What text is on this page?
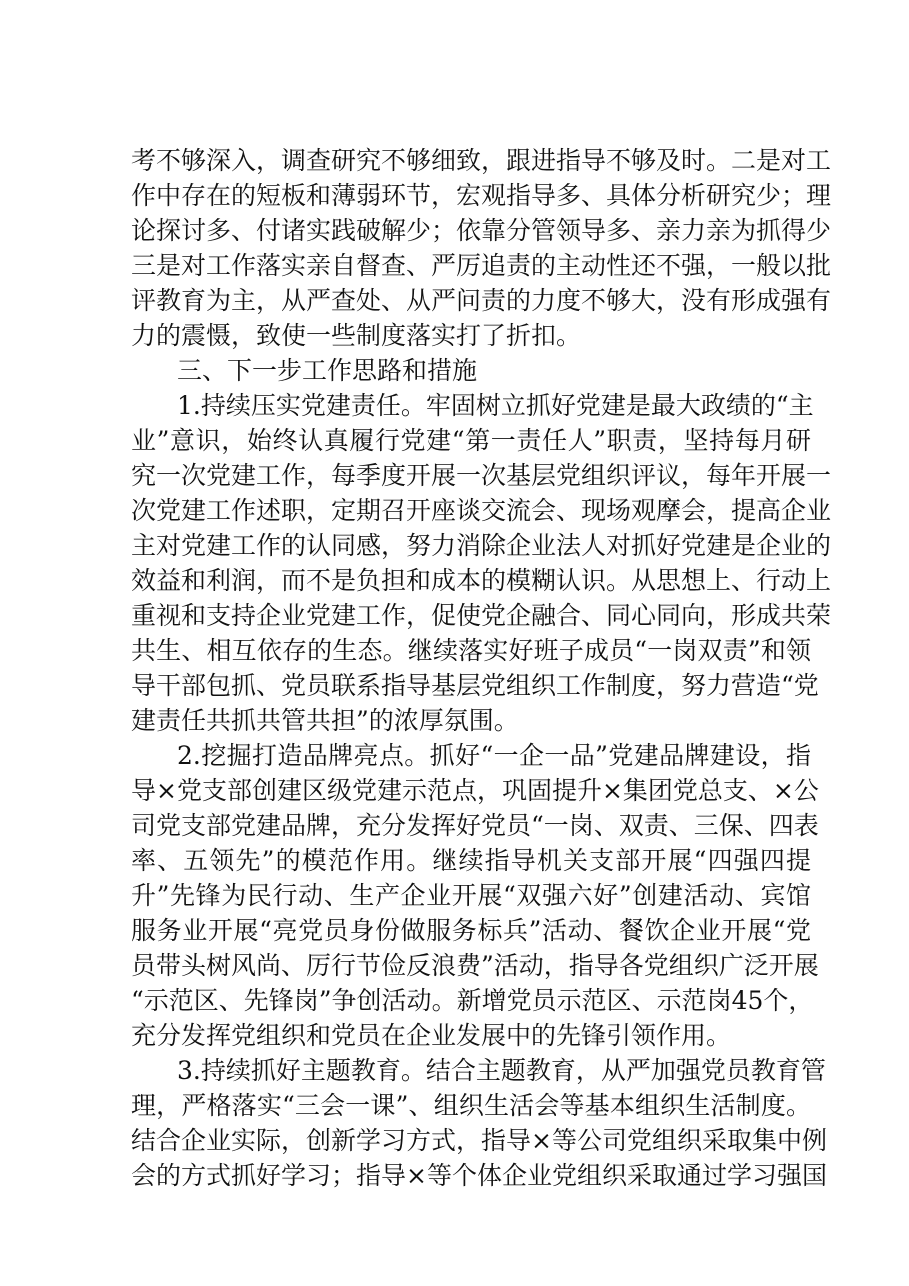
考不够深入，调查研究不够细致，跟进指导不够及时。二是对工
作中存在的短板和薄弱环节，宏观指导多、具体分析研究少；理
论探讨多、付诸实践破解少；依靠分管领导多、亲力亲为抓得少
三是对工作落实亲自督查、严厉追责的主动性还不强，一般以批
评教育为主，从严查处、从严问责的力度不够大，没有形成强有
力的震慑，致使一些制度落实打了折扣。
三、下一步工作思路和措施
1.持续压实党建责任。牢固树立抓好党建是最大政绩的“主
业”意识，始终认真履行党建“第一责任人”职责，坚持每月研
究一次党建工作，每季度开展一次基层党组织评议，每年开展一
次党建工作述职，定期召开座谈交流会、现场观摩会，提高企业
主对党建工作的认同感，努力消除企业法人对抓好党建是企业的
效益和利润，而不是负担和成本的模糊认识。从思想上、行动上
重视和支持企业党建工作，促使党企融合、同心同向，形成共荣
共生、相互依存的生态。继续落实好班子成员“一岗双责”和领
导干部包抓、党员联系指导基层党组织工作制度，努力营造“党
建责任共抓共管共担”的浓厚氛围。
2.挖掘打造品牌亮点。抓好“一企一品”党建品牌建设，指
导×党支部创建区级党建示范点，巩固提升×集团党总支、×公
司党支部党建品牌，充分发挥好党员“一岗、双责、三保、四表
率、五领先”的模范作用。继续指导机关支部开展“四强四提
升”先锋为民行动、生产企业开展“双强六好”创建活动、宾馆
服务业开展“亮党员身份做服务标兵”活动、餐饮企业开展“党
员带头树风尚、厉行节俭反浪费”活动，指导各党组织广泛开展
“示范区、先锋岗”争创活动。新增党员示范区、示范岗45个，
充分发挥党组织和党员在企业发展中的先锋引领作用。
3.持续抓好主题教育。结合主题教育，从严加强党员教育管
理，严格落实“三会一课”、组织生活会等基本组织生活制度。
结合企业实际，创新学习方式，指导×等公司党组织采取集中例
会的方式抓好学习；指导×等个体企业党组织采取通过学习强国
